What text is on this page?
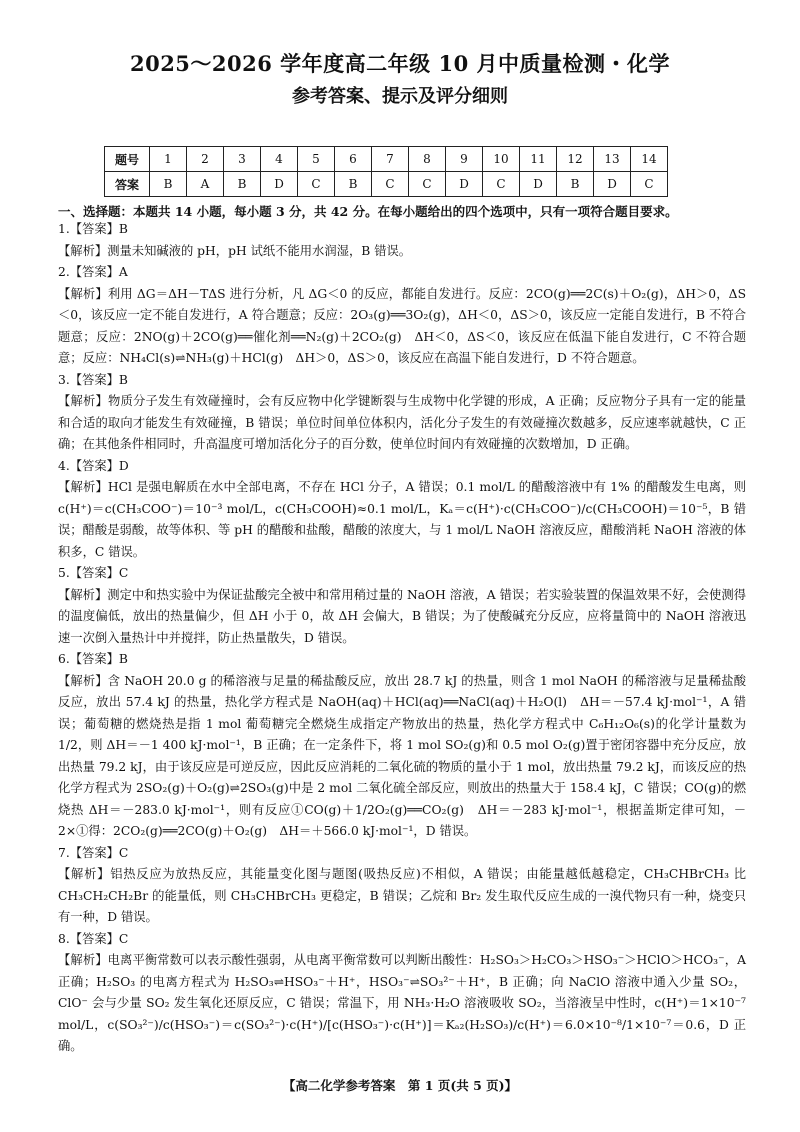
2025～2026 学年度高二年级 10 月中质量检测・化学
参考答案、提示及评分细则
题号	1	2	3	4	5	6	7	8	9	10	11	12	13	14
答案	B	A	B	D	C	B	C	C	D	C	D	B	D	C
一、选择题：本题共 14 小题，每小题 3 分，共 42 分。在每小题给出的四个选项中，只有一项符合题目要求。

1.【答案】B

【解析】测量未知碱液的 pH，pH 试纸不能用水润湿，B 错误。

2.【答案】A

【解析】利用 ΔG＝ΔH－TΔS 进行分析，凡 ΔG＜0 的反应，都能自发进行。反应：2CO(g)══2C(s)＋O₂(g)，ΔH＞0，ΔS＜0，该反应一定不能自发进行，A 符合题意；反应：2O₃(g)══3O₂(g)，ΔH＜0，ΔS＞0，该反应一定能自发进行，B 不符合题意；反应：2NO(g)＋2CO(g)══催化剂══N₂(g)＋2CO₂(g)　ΔH＜0，ΔS＜0，该反应在低温下能自发进行，C 不符合题意；反应：NH₄Cl(s)⇌NH₃(g)＋HCl(g)　ΔH＞0，ΔS＞0，该反应在高温下能自发进行，D 不符合题意。

3.【答案】B

【解析】物质分子发生有效碰撞时，会有反应物中化学键断裂与生成物中化学键的形成，A 正确；反应物分子具有一定的能量和合适的取向才能发生有效碰撞，B 错误；单位时间单位体积内，活化分子发生的有效碰撞次数越多，反应速率就越快，C 正确；在其他条件相同时，升高温度可增加活化分子的百分数，使单位时间内有效碰撞的次数增加，D 正确。

4.【答案】D

【解析】HCl 是强电解质在水中全部电离，不存在 HCl 分子，A 错误；0.1 mol/L 的醋酸溶液中有 1% 的醋酸发生电离，则 c(H⁺)＝c(CH₃COO⁻)＝10⁻³ mol/L，c(CH₃COOH)≈0.1 mol/L，Kₐ＝c(H⁺)·c(CH₃COO⁻)/c(CH₃COOH)＝10⁻⁵，B 错误；醋酸是弱酸，故等体积、等 pH 的醋酸和盐酸，醋酸的浓度大，与 1 mol/L NaOH 溶液反应，醋酸消耗 NaOH 溶液的体积多，C 错误。

5.【答案】C

【解析】测定中和热实验中为保证盐酸完全被中和常用稍过量的 NaOH 溶液，A 错误；若实验装置的保温效果不好，会使测得的温度偏低，放出的热量偏少，但 ΔH 小于 0，故 ΔH 会偏大，B 错误；为了使酸碱充分反应，应将量筒中的 NaOH 溶液迅速一次倒入量热计中并搅拌，防止热量散失，D 错误。

6.【答案】B

【解析】含 NaOH 20.0 g 的稀溶液与足量的稀盐酸反应，放出 28.7 kJ 的热量，则含 1 mol NaOH 的稀溶液与足量稀盐酸反应，放出 57.4 kJ 的热量，热化学方程式是 NaOH(aq)＋HCl(aq)══NaCl(aq)＋H₂O(l)　ΔH＝－57.4 kJ·mol⁻¹，A 错误；葡萄糖的燃烧热是指 1 mol 葡萄糖完全燃烧生成指定产物放出的热量，热化学方程式中 C₆H₁₂O₆(s)的化学计量数为 1/2，则 ΔH＝－1 400 kJ·mol⁻¹，B 正确；在一定条件下，将 1 mol SO₂(g)和 0.5 mol O₂(g)置于密闭容器中充分反应，放出热量 79.2 kJ，由于该反应是可逆反应，因此反应消耗的二氧化硫的物质的量小于 1 mol，放出热量 79.2 kJ，而该反应的热化学方程式为 2SO₂(g)＋O₂(g)⇌2SO₃(g)中是 2 mol 二氧化硫全部反应，则放出的热量大于 158.4 kJ，C 错误；CO(g)的燃烧热 ΔH＝－283.0 kJ·mol⁻¹，则有反应①CO(g)＋1/2O₂(g)══CO₂(g)　ΔH＝－283 kJ·mol⁻¹，根据盖斯定律可知，－2×①得：2CO₂(g)══2CO(g)＋O₂(g)　ΔH＝＋566.0 kJ·mol⁻¹，D 错误。

7.【答案】C

【解析】铝热反应为放热反应，其能量变化图与题图(吸热反应)不相似，A 错误；由能量越低越稳定，CH₃CHBrCH₃ 比 CH₃CH₂CH₂Br 的能量低，则 CH₃CHBrCH₃ 更稳定，B 错误；乙烷和 Br₂ 发生取代反应生成的一溴代物只有一种，烧变只有一种，D 错误。

8.【答案】C

【解析】电离平衡常数可以表示酸性强弱，从电离平衡常数可以判断出酸性：H₂SO₃＞H₂CO₃＞HSO₃⁻＞HClO＞HCO₃⁻，A 正确；H₂SO₃ 的电离方程式为 H₂SO₃⇌HSO₃⁻＋H⁺，HSO₃⁻⇌SO₃²⁻＋H⁺，B 正确；向 NaClO 溶液中通入少量 SO₂，ClO⁻ 会与少量 SO₂ 发生氧化还原反应，C 错误；常温下，用 NH₃·H₂O 溶液吸收 SO₂，当溶液呈中性时，c(H⁺)＝1×10⁻⁷ mol/L，c(SO₃²⁻)/c(HSO₃⁻)＝c(SO₃²⁻)·c(H⁺)/[c(HSO₃⁻)·c(H⁺)]＝Kₐ₂(H₂SO₃)/c(H⁺)＝6.0×10⁻⁸/1×10⁻⁷＝0.6，D 正确。

【高二化学参考答案　第 1 页(共 5 页)】
